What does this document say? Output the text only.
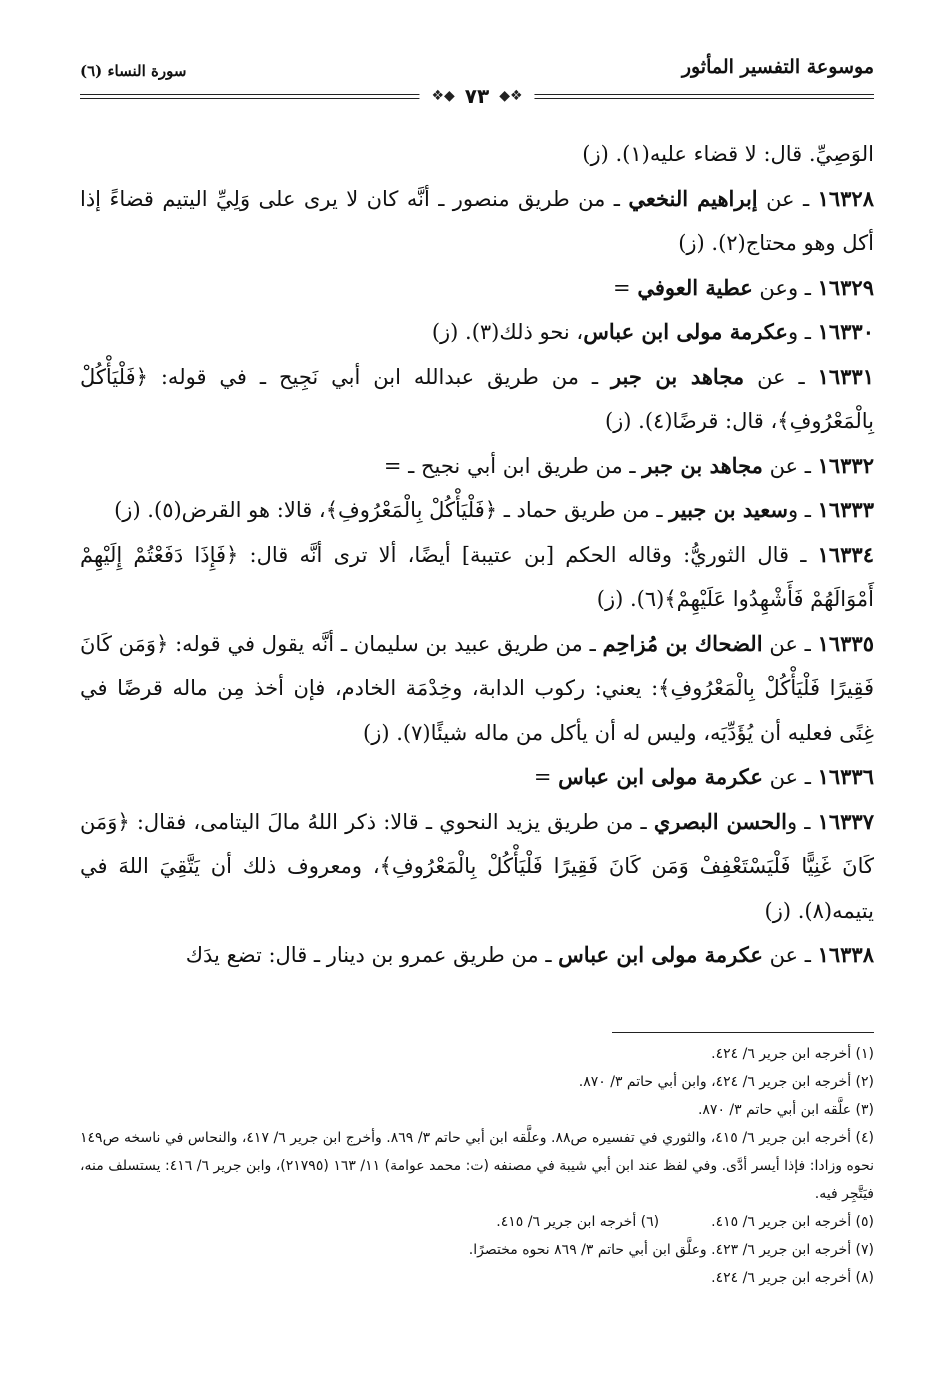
موسوعة التفسير المأثور
سورة النساء (٦)
❖◆
٧٣
◆❖

الوَصِيِّ. قال: لا قضاء عليه(١). (ز)

١٦٣٢٨ ـ عن إبراهيم النخعي ـ من طريق منصور ـ أنَّه كان لا يرى على وَلِيِّ اليتيم قضاءً إذا أكل وهو محتاج(٢). (ز)

١٦٣٢٩ ـ وعن عطية العوفي =

١٦٣٣٠ ـ وعكرمة مولى ابن عباس، نحو ذلك(٣). (ز)

١٦٣٣١ ـ عن مجاهد بن جبر ـ من طريق عبدالله ابن أبي نَجِيح ـ في قوله: ﴿فَلْيَأْكُلْ بِالْمَعْرُوفِ﴾، قال: قرضًا(٤). (ز)

١٦٣٣٢ ـ عن مجاهد بن جبر ـ من طريق ابن أبي نجيح ـ =

١٦٣٣٣ ـ وسعيد بن جبير ـ من طريق حماد ـ ﴿فَلْيَأْكُلْ بِالْمَعْرُوفِ﴾، قالا: هو القرض(٥). (ز)

١٦٣٣٤ ـ قال الثوريُّ: وقاله الحكم [بن عتيبة] أيضًا، ألا ترى أنَّه قال: ﴿فَإِذَا دَفَعْتُمْ إِلَيْهِمْ أَمْوَالَهُمْ فَأَشْهِدُوا عَلَيْهِمْ﴾(٦). (ز)

١٦٣٣٥ ـ عن الضحاك بن مُزاحِم ـ من طريق عبيد بن سليمان ـ أنَّه يقول في قوله: ﴿وَمَن كَانَ فَقِيرًا فَلْيَأْكُلْ بِالْمَعْرُوفِ﴾: يعني: ركوب الدابة، وخِدْمَة الخادم، فإن أخذ مِن ماله قرضًا في غِنًى فعليه أن يُؤَدِّيَه، وليس له أن يأكل من ماله شيئًا(٧). (ز)

١٦٣٣٦ ـ عن عكرمة مولى ابن عباس =

١٦٣٣٧ ـ والحسن البصري ـ من طريق يزيد النحوي ـ قالا: ذكر اللهُ مالَ اليتامى، فقال: ﴿وَمَن كَانَ غَنِيًّا فَلْيَسْتَعْفِفْ وَمَن كَانَ فَقِيرًا فَلْيَأْكُلْ بِالْمَعْرُوفِ﴾، ومعروف ذلك أن يَتَّقِيَ اللهَ في يتيمه(٨). (ز)

١٦٣٣٨ ـ عن عكرمة مولى ابن عباس ـ من طريق عمرو بن دينار ـ قال: تضع يدَك

(١) أخرجه ابن جرير ٦/ ٤٢٤.

(٢) أخرجه ابن جرير ٦/ ٤٢٤، وابن أبي حاتم ٣/ ٨٧٠.

(٣) علَّقه ابن أبي حاتم ٣/ ٨٧٠.

(٤) أخرجه ابن جرير ٦/ ٤١٥، والثوري في تفسيره ص٨٨. وعلَّقه ابن أبي حاتم ٣/ ٨٦٩. وأخرج ابن جرير ٦/ ٤١٧، والنحاس في ناسخه ص١٤٩ نحوه وزادا: فإذا أيسر أدَّى. وفي لفظ عند ابن أبي شيبة في مصنفه (ت: محمد عوامة) ١١/ ١٦٣ (٢١٧٩٥)، وابن جرير ٦/ ٤١٦: يستسلف منه، فيَتَّجِر فيه.

(٥) أخرجه ابن جرير ٦/ ٤١٥.
(٦) أخرجه ابن جرير ٦/ ٤١٥.

(٧) أخرجه ابن جرير ٦/ ٤٢٣. وعلَّق ابن أبي حاتم ٣/ ٨٦٩ نحوه مختصرًا.

(٨) أخرجه ابن جرير ٦/ ٤٢٤.
